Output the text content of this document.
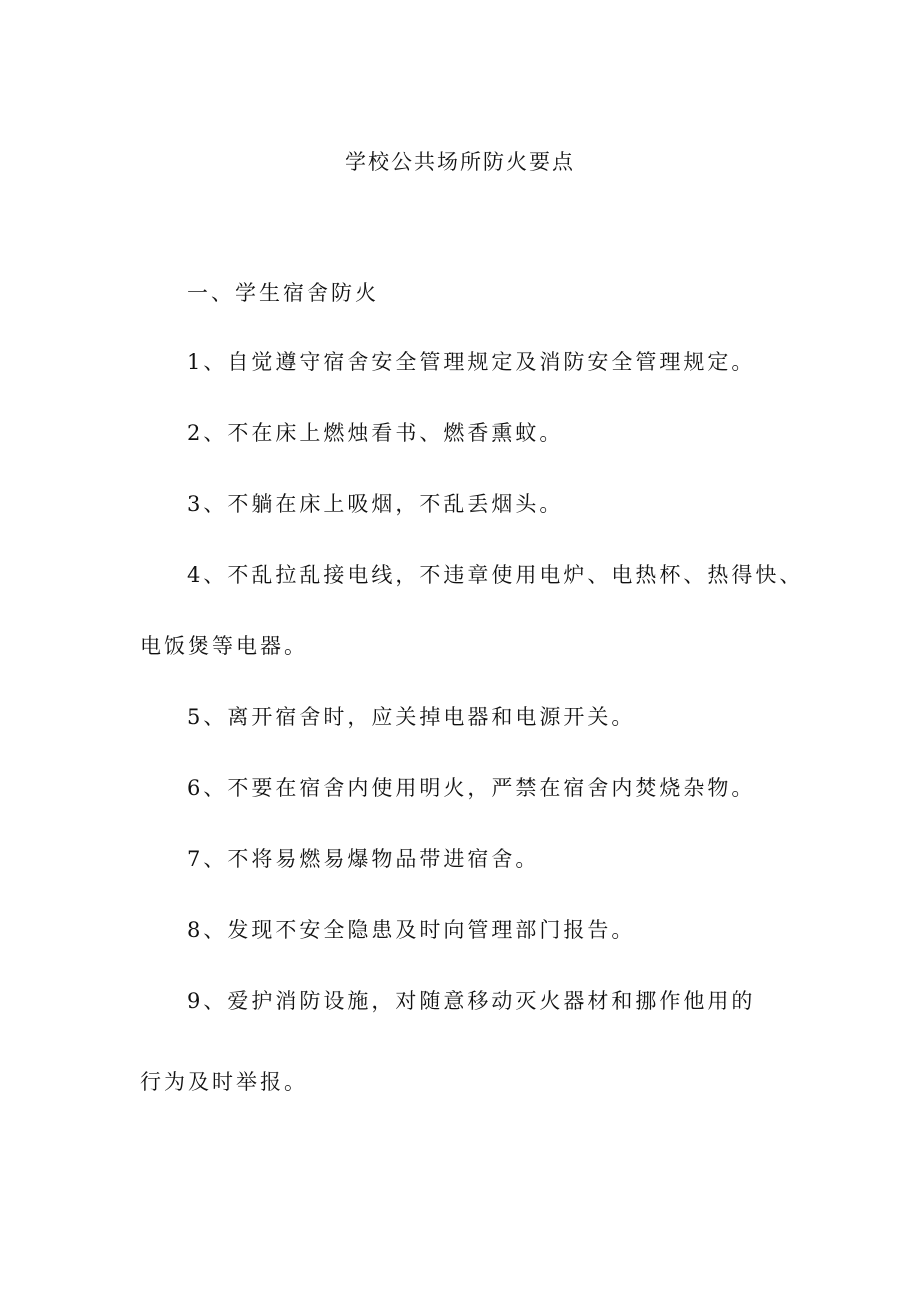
学校公共场所防火要点
一、学生宿舍防火
1、自觉遵守宿舍安全管理规定及消防安全管理规定。
2、不在床上燃烛看书、燃香熏蚊。
3、不躺在床上吸烟，不乱丢烟头。
4、不乱拉乱接电线，不违章使用电炉、电热杯、热得快、
电饭煲等电器。
5、离开宿舍时，应关掉电器和电源开关。
6、不要在宿舍内使用明火，严禁在宿舍内焚烧杂物。
7、不将易燃易爆物品带进宿舍。
8、发现不安全隐患及时向管理部门报告。
9、爱护消防设施，对随意移动灭火器材和挪作他用的
行为及时举报。
